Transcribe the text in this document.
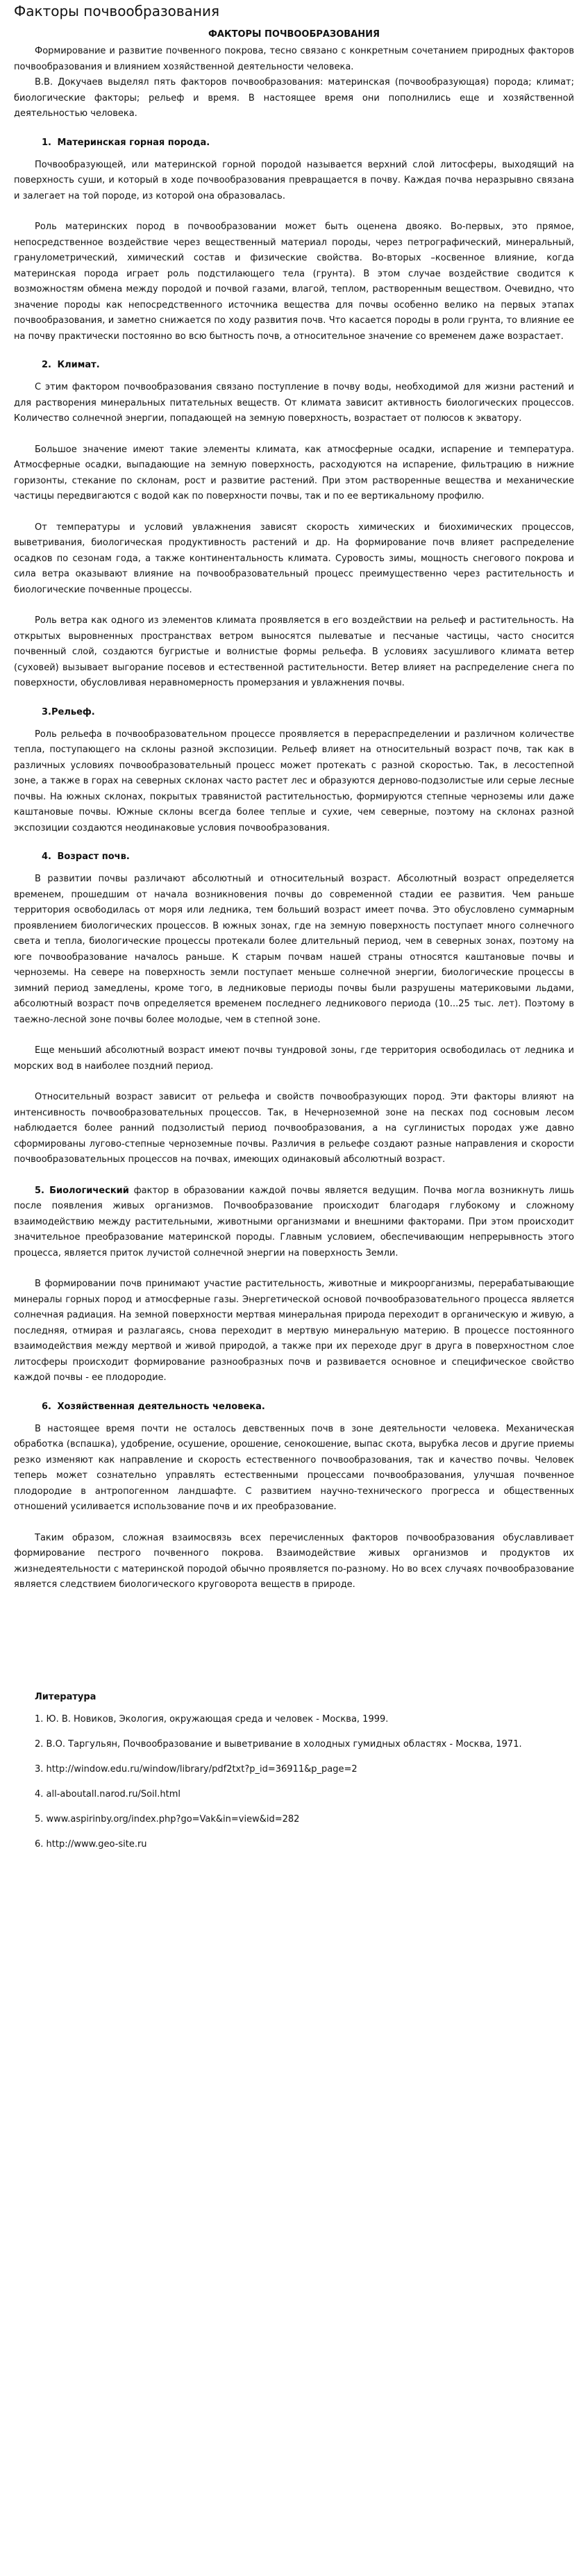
Факторы почвообразования
ФАКТОРЫ ПОЧВООБРАЗОВАНИЯ

Формирование и развитие почвенного покрова, тесно связано с конкретным сочетанием природных факторов почвообразования и влиянием хозяйственной деятельности человека.

В.В. Докучаев выделял пять факторов почвообразования: материнская (почвообразующая) порода; климат; биологические факторы; рельеф и время. В настоящее время они пополнились еще и хозяйственной деятельностью человека.

1. Материнская горная порода.

Почвообразующей, или материнской горной породой называется верхний слой литосферы, выходящий на поверхность суши, и который в ходе почвообразования превращается в почву. Каждая почва неразрывно связана и залегает на той породе, из которой она образовалась.

Роль материнских пород в почвообразовании может быть оценена двояко. Во-первых, это прямое, непосредственное воздействие через вещественный материал породы, через петрографический, минеральный, гранулометрический, химический состав и физические свойства. Во-вторых –косвенное влияние, когда материнская порода играет роль подстилающего тела (грунта). В этом случае воздействие сводится к возможностям обмена между породой и почвой газами, влагой, теплом, растворенным веществом. Очевидно, что значение породы как непосредственного источника вещества для почвы особенно велико на первых этапах почвообразования, и заметно снижается по ходу развития почв. Что касается породы в роли грунта, то влияние ее на почву практически постоянно во всю бытность почв, а относительное значение со временем даже возрастает.

2. Климат.

С этим фактором почвообразования связано поступление в почву воды, необходимой для жизни растений и для растворения минеральных питательных веществ. От климата зависит активность биологических процессов. Количество солнечной энергии, попадающей на земную поверхность, возрастает от полюсов к экватору.

Большое значение имеют такие элементы климата, как атмосферные осадки, испарение и температура. Атмосферные осадки, выпадающие на земную поверхность, расходуются на испарение, фильтрацию в нижние горизонты, стекание по склонам, рост и развитие растений. При этом растворенные вещества и механические частицы передвигаются с водой как по поверхности почвы, так и по ее вертикальному профилю.

От температуры и условий увлажнения зависят скорость химических и биохимических процессов, выветривания, биологическая продуктивность растений и др. На формирование почв влияет распределение осадков по сезонам года, а также континентальность климата. Суровость зимы, мощность снегового покрова и сила ветра оказывают влияние на почвообразовательный процесс преимущественно через растительность и биологические почвенные процессы.

Роль ветра как одного из элементов климата проявляется в его воздействии на рельеф и растительность. На открытых выровненных пространствах ветром выносятся пылеватые и песчаные частицы, часто сносится почвенный слой, создаются бугристые и волнистые формы рельефа. В условиях засушливого климата ветер (суховей) вызывает выгорание посевов и естественной растительности. Ветер влияет на распределение снега по поверхности, обусловливая неравномерность промерзания и увлажнения почвы.

3.Рельеф.

Роль рельефа в почвообразовательном процессе проявляется в перераспределении и различном количестве тепла, поступающего на склоны разной экспозиции. Рельеф влияет на относительный возраст почв, так как в различных условиях почвообразовательный процесс может протекать с разной скоростью. Так, в лесостепной зоне, а также в горах на северных склонах часто растет лес и образуются дерново-подзолистые или серые лесные почвы. На южных склонах, покрытых травянистой растительностью, формируются степные черноземы или даже каштановые почвы. Южные склоны всегда более теплые и сухие, чем северные, поэтому на склонах разной экспозиции создаются неодинаковые условия почвообразования.

4. Возраст почв.

В развитии почвы различают абсолютный и относительный возраст. Абсолютный возраст определяется временем, прошедшим от начала возникновения почвы до современной стадии ее развития. Чем раньше территория освободилась от моря или ледника, тем больший возраст имеет почва. Это обусловлено суммарным проявлением биологических процессов. В южных зонах, где на земную поверхность поступает много солнечного света и тепла, биологические процессы протекали более длительный период, чем в северных зонах, поэтому на юге почвообразование началось раньше. К старым почвам нашей страны относятся каштановые почвы и черноземы. На севере на поверхность земли поступает меньше солнечной энергии, биологические процессы в зимний период замедлены, кроме того, в ледниковые периоды почвы были разрушены материковыми льдами, абсолютный возраст почв определяется временем последнего ледникового периода (10...25 тыс. лет). Поэтому в таежно-лесной зоне почвы более молодые, чем в степной зоне.

Еще меньший абсолютный возраст имеют почвы тундровой зоны, где территория освободилась от ледника и морских вод в наиболее поздний период.

Относительный возраст зависит от рельефа и свойств почвообразующих пород. Эти факторы влияют на интенсивность почвообразовательных процессов. Так, в Нечерноземной зоне на песках под сосновым лесом наблюдается более ранний подзолистый период почвообразования, а на суглинистых породах уже давно сформированы лугово-степные черноземные почвы. Различия в рельефе создают разные направления и скорости почвообразовательных процессов на почвах, имеющих одинаковый абсолютный возраст.

5. Биологический фактор в образовании каждой почвы является ведущим. Почва могла возникнуть лишь после появления живых организмов. Почвообразование происходит благодаря глубокому и сложному взаимодействию между растительными, животными организмами и внешними факторами. При этом происходит значительное преобразование материнской породы. Главным условием, обеспечивающим непрерывность этого процесса, является приток лучистой солнечной энергии на поверхность Земли.

В формировании почв принимают участие растительность, животные и микроорганизмы, перерабатывающие минералы горных пород и атмосферные газы. Энергетической основой почвообразовательного процесса является солнечная радиация. На земной поверхности мертвая минеральная природа переходит в органическую и живую, а последняя, отмирая и разлагаясь, снова переходит в мертвую минеральную материю. В процессе постоянного взаимодействия между мертвой и живой природой, а также при их переходе друг в друга в поверхностном слое литосферы происходит формирование разнообразных почв и развивается основное и специфическое свойство каждой почвы - ее плодородие.

6. Хозяйственная деятельность человека.

В настоящее время почти не осталось девственных почв в зоне деятельности человека. Механическая обработка (вспашка), удобрение, осушение, орошение, сенокошение, выпас скота, вырубка лесов и другие приемы резко изменяют как направление и скорость естественного почвообразования, так и качество почвы. Человек теперь может сознательно управлять естественными процессами почвообразования, улучшая почвенное плодородие в антропогенном ландшафте. С развитием научно-технического прогресса и общественных отношений усиливается использование почв и их преобразование.

Таким образом, сложная взаимосвязь всех перечисленных факторов почвообразования обуславливает формирование пестрого почвенного покрова. Взаимодействие живых организмов и продуктов их жизнедеятельности с материнской породой обычно проявляется по-разному. Но во всех случаях почвообразование является следствием биологического круговорота веществ в природе.

Литература
1. Ю. В. Новиков, Экология, окружающая среда и человек - Москва, 1999.
2. В.О. Таргульян, Почвообразование и выветривание в холодных гумидных областях - Москва, 1971.
3. http://window.edu.ru/window/library/pdf2txt?p_id=36911&p_page=2
4. all-aboutall.narod.ru/Soil.html
5. www.aspirinby.org/index.php?go=Vak&in=view&id=282
6. http://www.geo-site.ru
